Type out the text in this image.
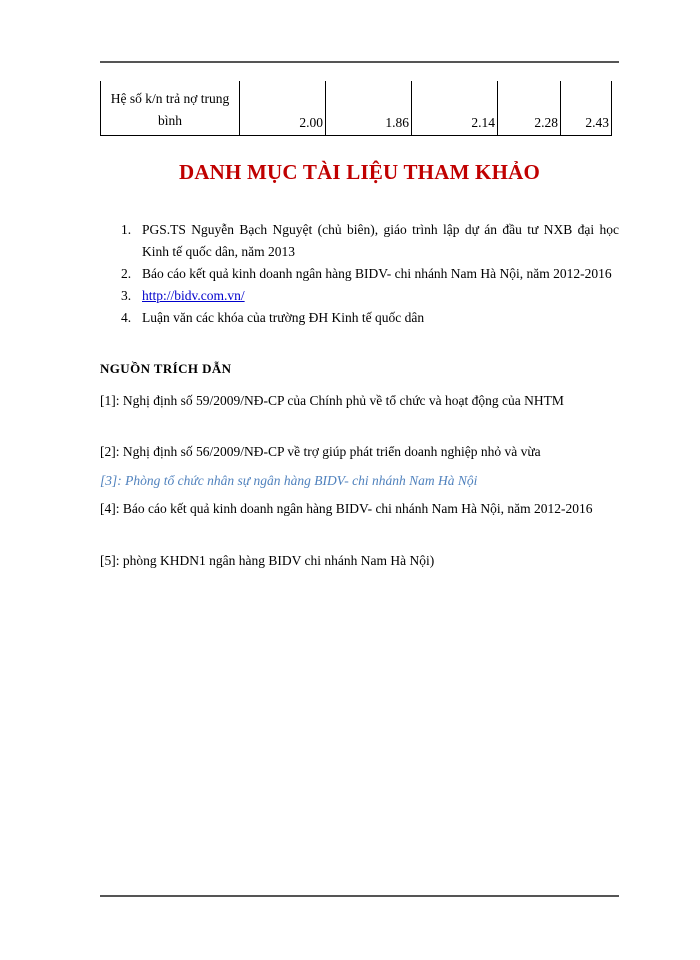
Hệ số k/n trả nợ trung bình	2.00	1.86	2.14	2.28	2.43
DANH MỤC TÀI LIỆU THAM KHẢO
1. PGS.TS Nguyễn Bạch Nguyệt (chủ biên), giáo trình lập dự án đầu tư NXB đại học Kinh tế quốc dân, năm 2013
2. Báo cáo kết quả kinh doanh ngân hàng BIDV- chi nhánh Nam Hà Nội, năm 2012-2016
3. http://bidv.com.vn/
4. Luận văn các khóa của trường ĐH Kinh tế quốc dân
NGUỒN TRÍCH DẪN
[1]: Nghị định số 59/2009/NĐ-CP của Chính phủ về tổ chức và hoạt động của NHTM
[2]: Nghị định số 56/2009/NĐ-CP về trợ giúp phát triển doanh nghiệp nhỏ và vừa
[3]: Phòng tổ chức nhân sự ngân hàng BIDV- chi nhánh Nam Hà Nội
[4]: Báo cáo kết quả kinh doanh ngân hàng BIDV- chi nhánh Nam Hà Nội, năm 2012-2016
[5]: phòng KHDN1 ngân hàng BIDV chi nhánh Nam Hà Nội)
